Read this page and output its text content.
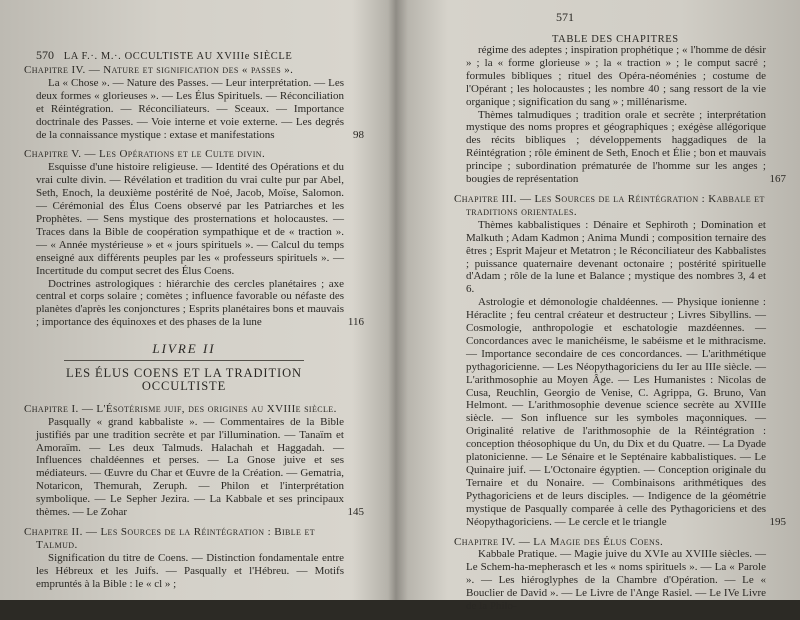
570 LA F.·. M.·. OCCULTISTE AU XVIIIe SIÈCLE
Chapitre IV. — Nature et signification des « passes ».

La « Chose ». — Nature des Passes. — Leur interprétation. — Les deux formes « glorieuses ». — Les Élus Spirituels. — Réconciliation et Réintégration. — Réconciliateurs. — Sceaux. — Importance doctrinale des Passes. — Voie interne et voie externe. — Les degrés de la connaissance mystique : extase et manifestations	98
Chapitre V. — Les Opérations et le Culte divin.

Esquisse d'une histoire religieuse. — Identité des Opérations et du vrai culte divin. — Révélation et tradition du vrai culte pur par Abel, Seth, Enoch, la deuxième postérité de Noé, Jacob, Moïse, Salomon. — Cérémonial des Élus Coens observé par les Patriarches et les Prophètes. — Sens mystique des prosternations et holocaustes. — Traces dans la Bible de coopération sympathique et de « traction ». — « Année mystérieuse » et « jours spirituels ». — Calcul du temps enseigné aux différents peuples par les « professeurs spirituels ». — Incertitude du comput secret des Élus Coens.

Doctrines astrologiques : hiérarchie des cercles planétaires ; axe central et corps solaire ; comètes ; influence favorable ou néfaste des planètes d'après les conjonctures ; Esprits planétaires bons et mauvais ; importance des équinoxes et des phases de la lune	116
LIVRE II
LES ÉLUS COENS ET LA TRADITION OCCULTISTE
Chapitre I. — L'Ésotérisme juif, des origines au XVIIIe siècle.

Pasqually « grand kabbaliste ». — Commentaires de la Bible justifiés par une tradition secrète et par l'illumination. — Tanaïm et Amoraïm. — Les deux Talmuds. Halachah et Haggadah. — Influences chaldéennes et perses. — La Gnose juive et ses médiateurs. — Œuvre du Char et Œuvre de la Création. — Gematria, Notaricon, Themurah, Zeruph. — Philon et l'interprétation symbolique. — Le Sepher Jezira. — La Kabbale et ses principaux thèmes. — Le Zohar	145
Chapitre II. — Les Sources de la Réintégration : Bible et Talmud.

Signification du titre de Coens. — Distinction fondamentale entre les Hébreux et les Juifs. — Pasqually et l'Hébreu. — Motifs empruntés à la Bible : le « cl » ;

571
TABLE DES CHAPITRES

régime des adeptes ; inspiration prophétique ; « l'homme de désir » ; la « forme glorieuse » ; la « traction » ; le comput sacré ; formules bibliques ; rituel des Opéra-néoménies ; costume de l'Opérant ; les holocaustes ; les nombre 40 ; sang ressort de la vie organique ; signification du sang » ; millénarisme.

Thèmes talmudiques ; tradition orale et secrète ; interprétation mystique des noms propres et géographiques ; exégèse allégorique des récits bibliques ; développements haggadiques de la Réintégration ; rôle éminent de Seth, Enoch et Élie ; bon et mauvais principe ; subordination prématurée de l'homme sur les anges ; bougies de représentation	167
Chapitre III. — Les Sources de la Réintégration : Kabbale et traditions orientales.

Thèmes kabbalistiques : Dénaire et Sephiroth ; Domination et Malkuth ; Adam Kadmon ; Anima Mundi ; composition ternaire des êtres ; Esprit Majeur et Metatron ; le Réconciliateur des Kabbalistes ; puissance quaternaire devenant octonaire ; postérité spirituelle d'Adam ; rôle de la lune et Balance ; mystique des nombres 3, 4 et 6.

Astrologie et démonologie chaldéennes. — Physique ionienne : Héraclite ; feu central créateur et destructeur ; Livres Sibyllins. — Cosmologie, anthropologie et eschatologie mazdéennes. — Concordances avec le manichéisme, le sabéisme et le mithracisme. — Importance secondaire de ces concordances. — L'arithmétique pythagoricienne. — Les Néopythagoriciens du Ier au IIIe siècle. — L'arithmosophie au Moyen Âge. — Les Humanistes : Nicolas de Cusa, Reuchlin, Georgio de Venise, C. Agrippa, G. Bruno, Van Helmont. — L'arithmosophie devenue science secrète au XVIIIe siècle. — Son influence sur les symboles maçonniques. — Originalité relative de l'arithmosophie de la Réintégration : conception théosophique du Un, du Dix et du Quatre. — La Dyade platonicienne. — Le Sénaire et le Septénaire kabbalistiques. — Le Quinaire juif. — L'Octonaire égyptien. — Conception originale du Ternaire et du Nonaire. — Combinaisons arithmétiques des Pythagoriciens et de leurs disciples. — Indigence de la géométrie mystique de Pasqually comparée à celle des Pythagoriciens et des Néopythagoriciens. — Le cercle et le triangle	195
Chapitre IV. — La Magie des Élus Coens.

Kabbale Pratique. — Magie juive du XVIe au XVIIIe siècles. — Le Schem-ha-mepherasch et les « noms spirituels ». — La « Parole ». — Les hiéroglyphes de la Chambre d'Opération. — Le « Bouclier de David ». — Le Livre de l'Ange Rasiel. — Le IVe Livre de la Philo-
